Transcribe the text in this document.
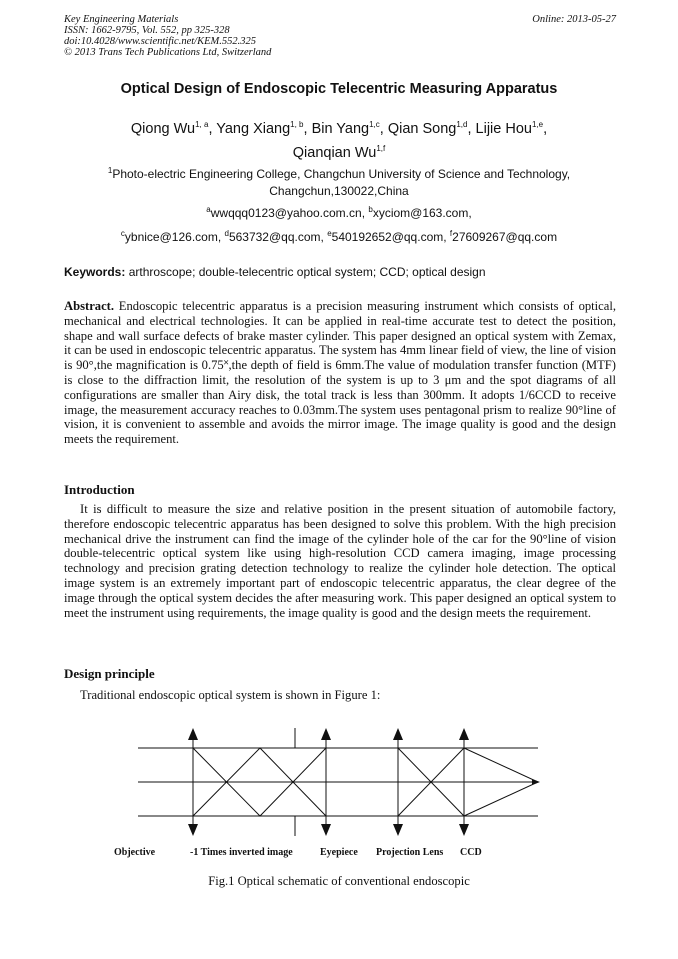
Key Engineering Materials
ISSN: 1662-9795, Vol. 552, pp 325-328
doi:10.4028/www.scientific.net/KEM.552.325
© 2013 Trans Tech Publications Ltd, Switzerland
Online: 2013-05-27
Optical Design of Endoscopic Telecentric Measuring Apparatus
Qiong Wu$^{1, a}$, Yang Xiang$^{1, b}$, Bin Yang$^{1,c}$, Qian Song$^{1,d}$, Lijie Hou$^{1,e}$,
Qianqian Wu$^{1,f}$
$^1$Photo-electric Engineering College, Changchun University of Science and Technology,
Changchun,130022,China
$^a$wwqqq0123@yahoo.com.cn, $^b$xyciom@163.com,
$^c$ybnice@126.com, $^d$563732@qq.com, $^e$540192652@qq.com, $^f$27609267@qq.com
Keywords: arthroscope; double-telecentric optical system; CCD; optical design
Abstract. Endoscopic telecentric apparatus is a precision measuring instrument which consists of optical, mechanical and electrical technologies. It can be applied in real-time accurate test to detect the position, shape and wall surface defects of brake master cylinder. This paper designed an optical system with Zemax, it can be used in endoscopic telecentric apparatus. The system has 4mm linear field of view, the line of vision is 90°,the magnification is 0.75˟,the depth of field is 6mm.The value of modulation transfer function (MTF) is close to the diffraction limit, the resolution of the system is up to 3 μm and the spot diagrams of all configurations are smaller than Airy disk, the total track is less than 300mm. It adopts 1/6CCD to receive image, the measurement accuracy reaches to 0.03mm.The system uses pentagonal prism to realize 90°line of vision, it is convenient to assemble and avoids the mirror image. The image quality is good and the design meets the requirement.
Introduction
It is difficult to measure the size and relative position in the present situation of automobile factory, therefore endoscopic telecentric apparatus has been designed to solve this problem. With the high precision mechanical drive the instrument can find the image of the cylinder hole of the car for the 90°line of vision double-telecentric optical system like using high-resolution CCD camera imaging, image processing technology and precision grating detection technology to realize the cylinder hole detection. The optical image system is an extremely important part of endoscopic telecentric apparatus, the clear degree of the image through the optical system decides the after measuring work. This paper designed an optical system to meet the instrument using requirements, the image quality is good and the design meets the requirement.
Design principle
Traditional endoscopic optical system is shown in Figure 1:
Objective	-1 Times inverted image	Eyepiece Projection Lens CCD
Fig.1 Optical schematic of conventional endoscopic
